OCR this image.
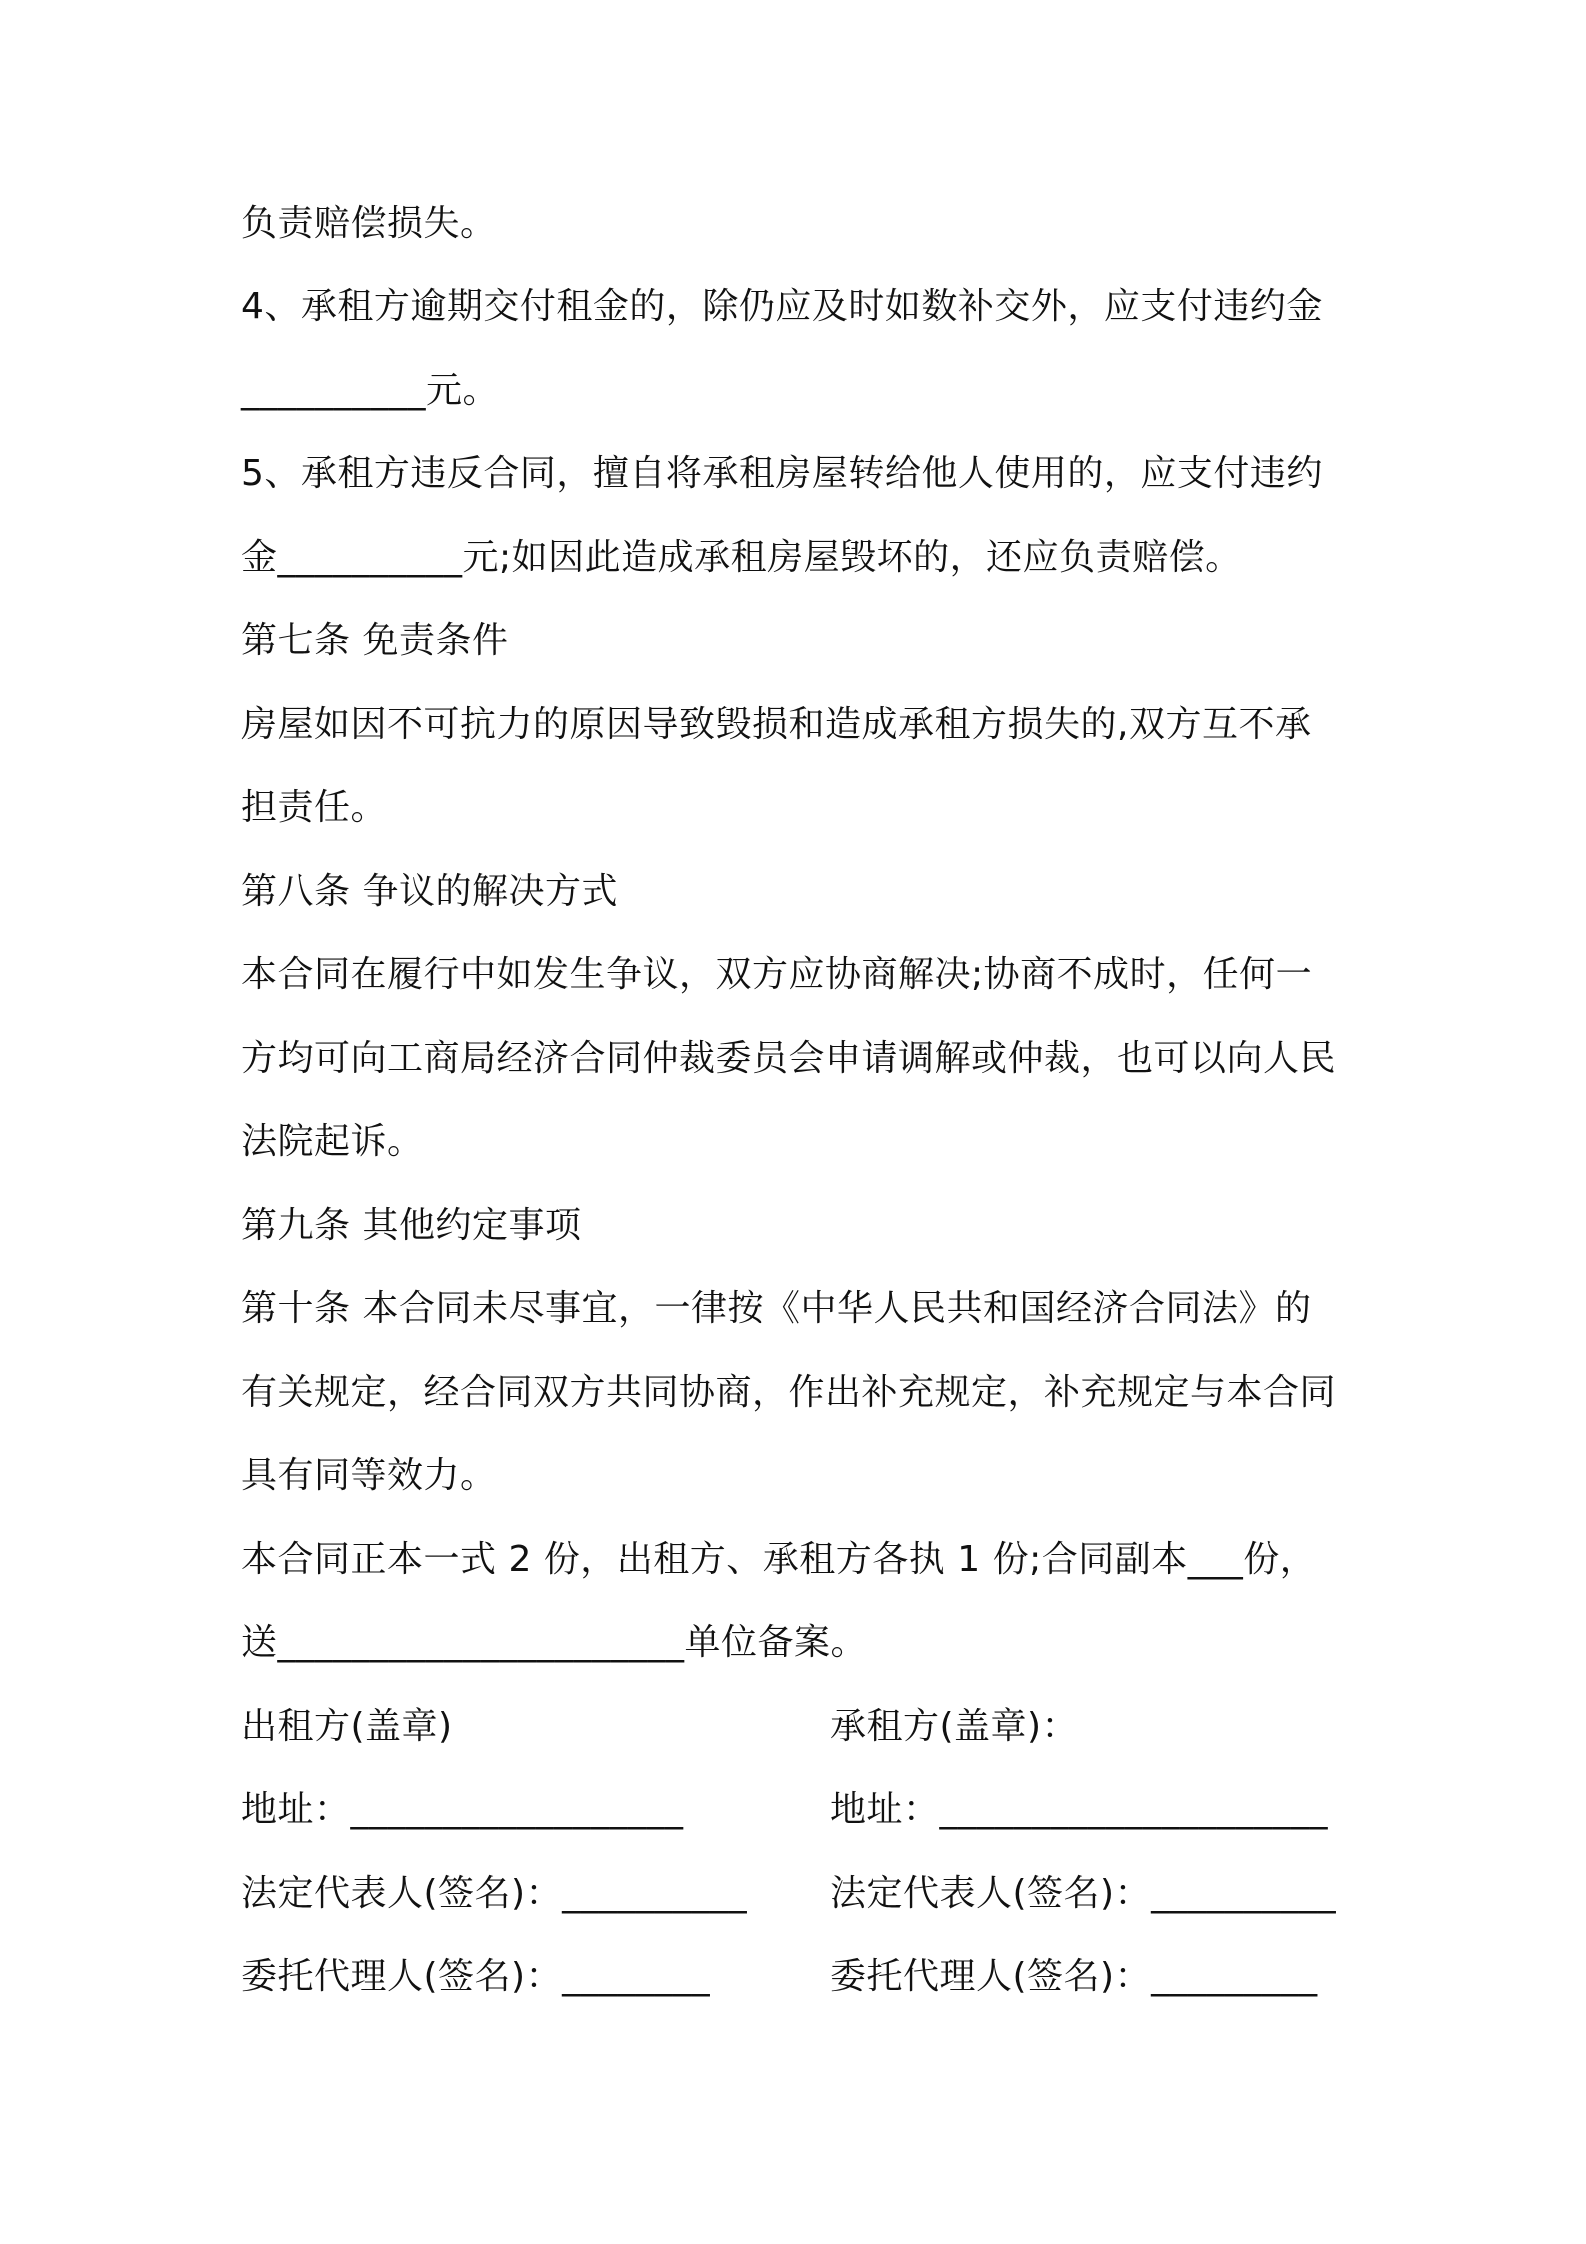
负责赔偿损失。
4、承租方逾期交付租金的，除仍应及时如数补交外，应支付违约金
__________元。
5、承租方违反合同，擅自将承租房屋转给他人使用的，应支付违约
金__________元;如因此造成承租房屋毁坏的，还应负责赔偿。
第七条 免责条件
房屋如因不可抗力的原因导致毁损和造成承租方损失的,双方互不承
担责任。
第八条 争议的解决方式
本合同在履行中如发生争议，双方应协商解决;协商不成时，任何一
方均可向工商局经济合同仲裁委员会申请调解或仲裁，也可以向人民
法院起诉。
第九条 其他约定事项
第十条 本合同未尽事宜，一律按《中华人民共和国经济合同法》的
有关规定，经合同双方共同协商，作出补充规定，补充规定与本合同
具有同等效力。
本合同正本一式 2 份，出租方、承租方各执 1 份;合同副本___份，
送______________________单位备案。
出租方(盖章)
地址：__________________
法定代表人(签名)：__________
委托代理人(签名)：________
承租方(盖章)：
地址：_____________________
法定代表人(签名)：__________
委托代理人(签名)：_________
